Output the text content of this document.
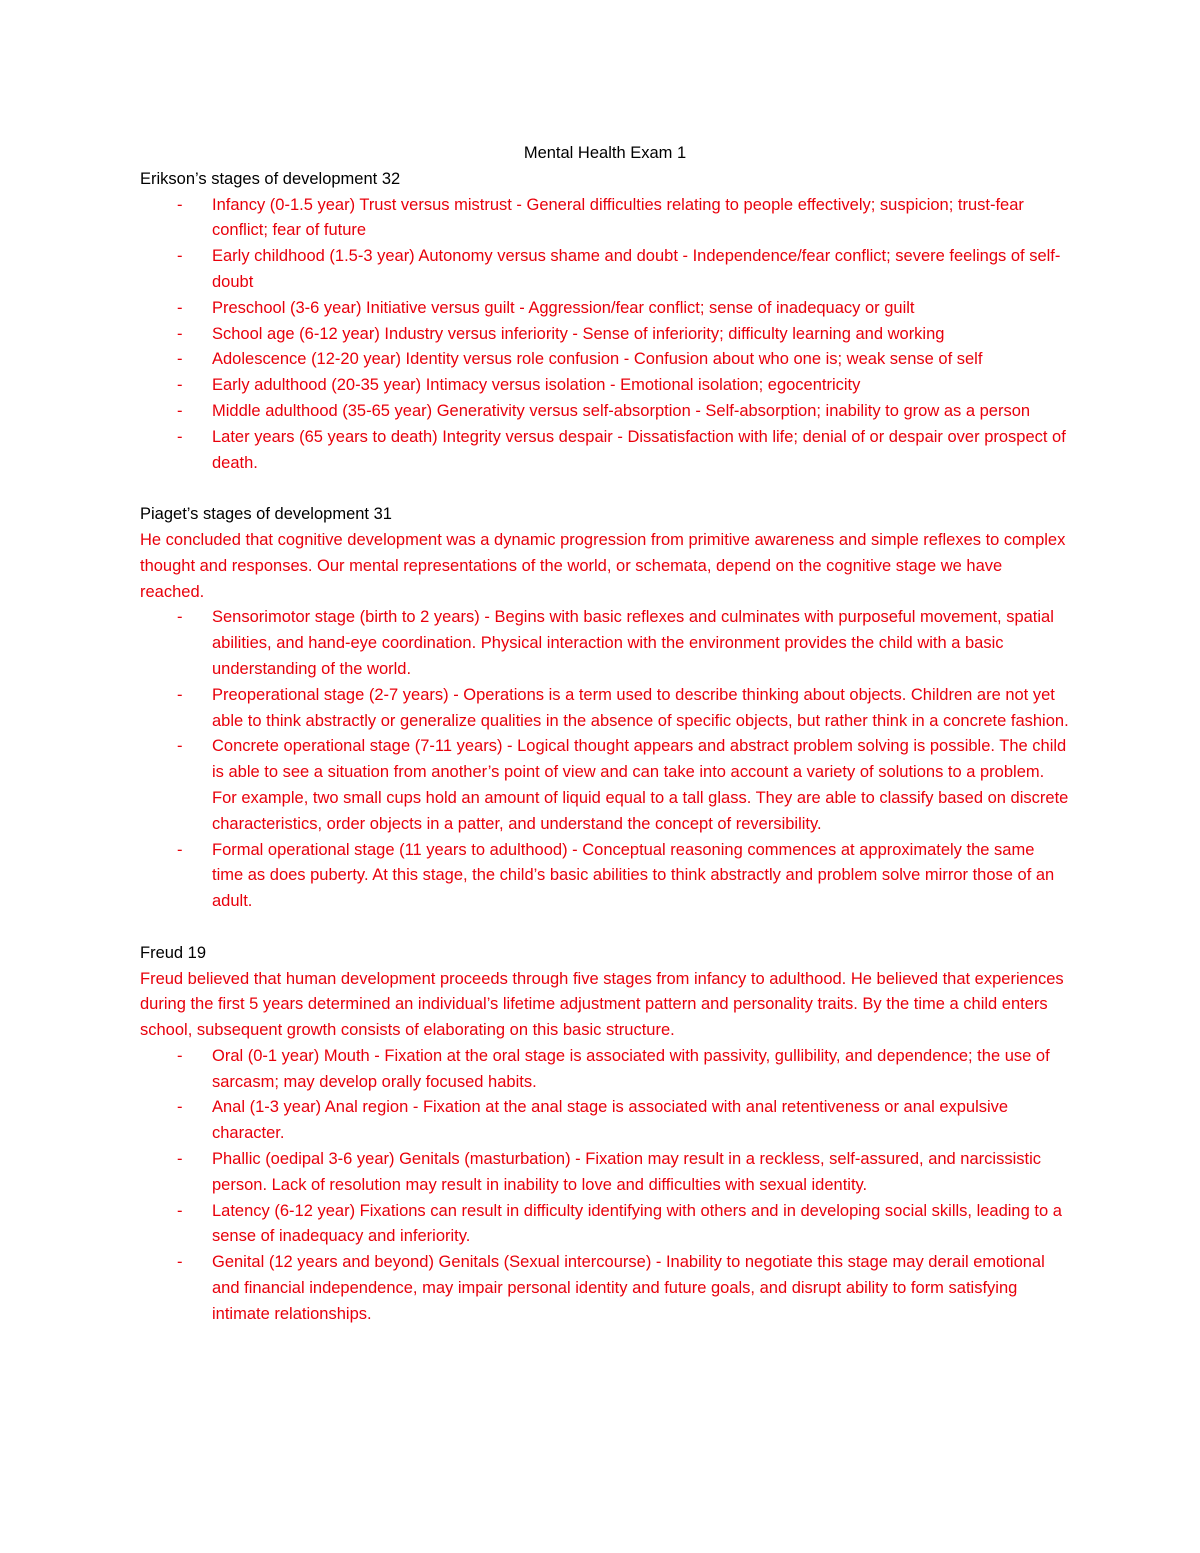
Mental Health Exam 1

Erikson’s stages of development 32

- Infancy (0-1.5 year) Trust versus mistrust - General difficulties relating to people effectively; suspicion; trust-fear conflict; fear of future
- Early childhood (1.5-3 year) Autonomy versus shame and doubt - Independence/fear conflict; severe feelings of self-doubt
- Preschool (3-6 year) Initiative versus guilt - Aggression/fear conflict; sense of inadequacy or guilt
- School age (6-12 year) Industry versus inferiority - Sense of inferiority; difficulty learning and working
- Adolescence (12-20 year) Identity versus role confusion - Confusion about who one is; weak sense of self
- Early adulthood (20-35 year) Intimacy versus isolation - Emotional isolation; egocentricity
- Middle adulthood (35-65 year) Generativity versus self-absorption - Self-absorption; inability to grow as a person
- Later years (65 years to death) Integrity versus despair - Dissatisfaction with life; denial of or despair over prospect of death.

Piaget’s stages of development 31

He concluded that cognitive development was a dynamic progression from primitive awareness and simple reflexes to complex thought and responses. Our mental representations of the world, or schemata, depend on the cognitive stage we have reached.

- Sensorimotor stage (birth to 2 years) - Begins with basic reflexes and culminates with purposeful movement, spatial abilities, and hand-eye coordination. Physical interaction with the environment provides the child with a basic understanding of the world.
- Preoperational stage (2-7 years) - Operations is a term used to describe thinking about objects. Children are not yet able to think abstractly or generalize qualities in the absence of specific objects, but rather think in a concrete fashion.
- Concrete operational stage (7-11 years) - Logical thought appears and abstract problem solving is possible. The child is able to see a situation from another’s point of view and can take into account a variety of solutions to a problem. For example, two small cups hold an amount of liquid equal to a tall glass. They are able to classify based on discrete characteristics, order objects in a patter, and understand the concept of reversibility.
- Formal operational stage (11 years to adulthood) - Conceptual reasoning commences at approximately the same time as does puberty. At this stage, the child’s basic abilities to think abstractly and problem solve mirror those of an adult.

Freud 19

Freud believed that human development proceeds through five stages from infancy to adulthood. He believed that experiences during the first 5 years determined an individual’s lifetime adjustment pattern and personality traits. By the time a child enters school, subsequent growth consists of elaborating on this basic structure.

- Oral (0-1 year) Mouth - Fixation at the oral stage is associated with passivity, gullibility, and dependence; the use of sarcasm; may develop orally focused habits.
- Anal (1-3 year) Anal region - Fixation at the anal stage is associated with anal retentiveness or anal expulsive character.
- Phallic (oedipal 3-6 year) Genitals (masturbation) - Fixation may result in a reckless, self-assured, and narcissistic person. Lack of resolution may result in inability to love and difficulties with sexual identity.
- Latency (6-12 year) Fixations can result in difficulty identifying with others and in developing social skills, leading to a sense of inadequacy and inferiority.
- Genital (12 years and beyond) Genitals (Sexual intercourse) - Inability to negotiate this stage may derail emotional and financial independence, may impair personal identity and future goals, and disrupt ability to form satisfying intimate relationships.
